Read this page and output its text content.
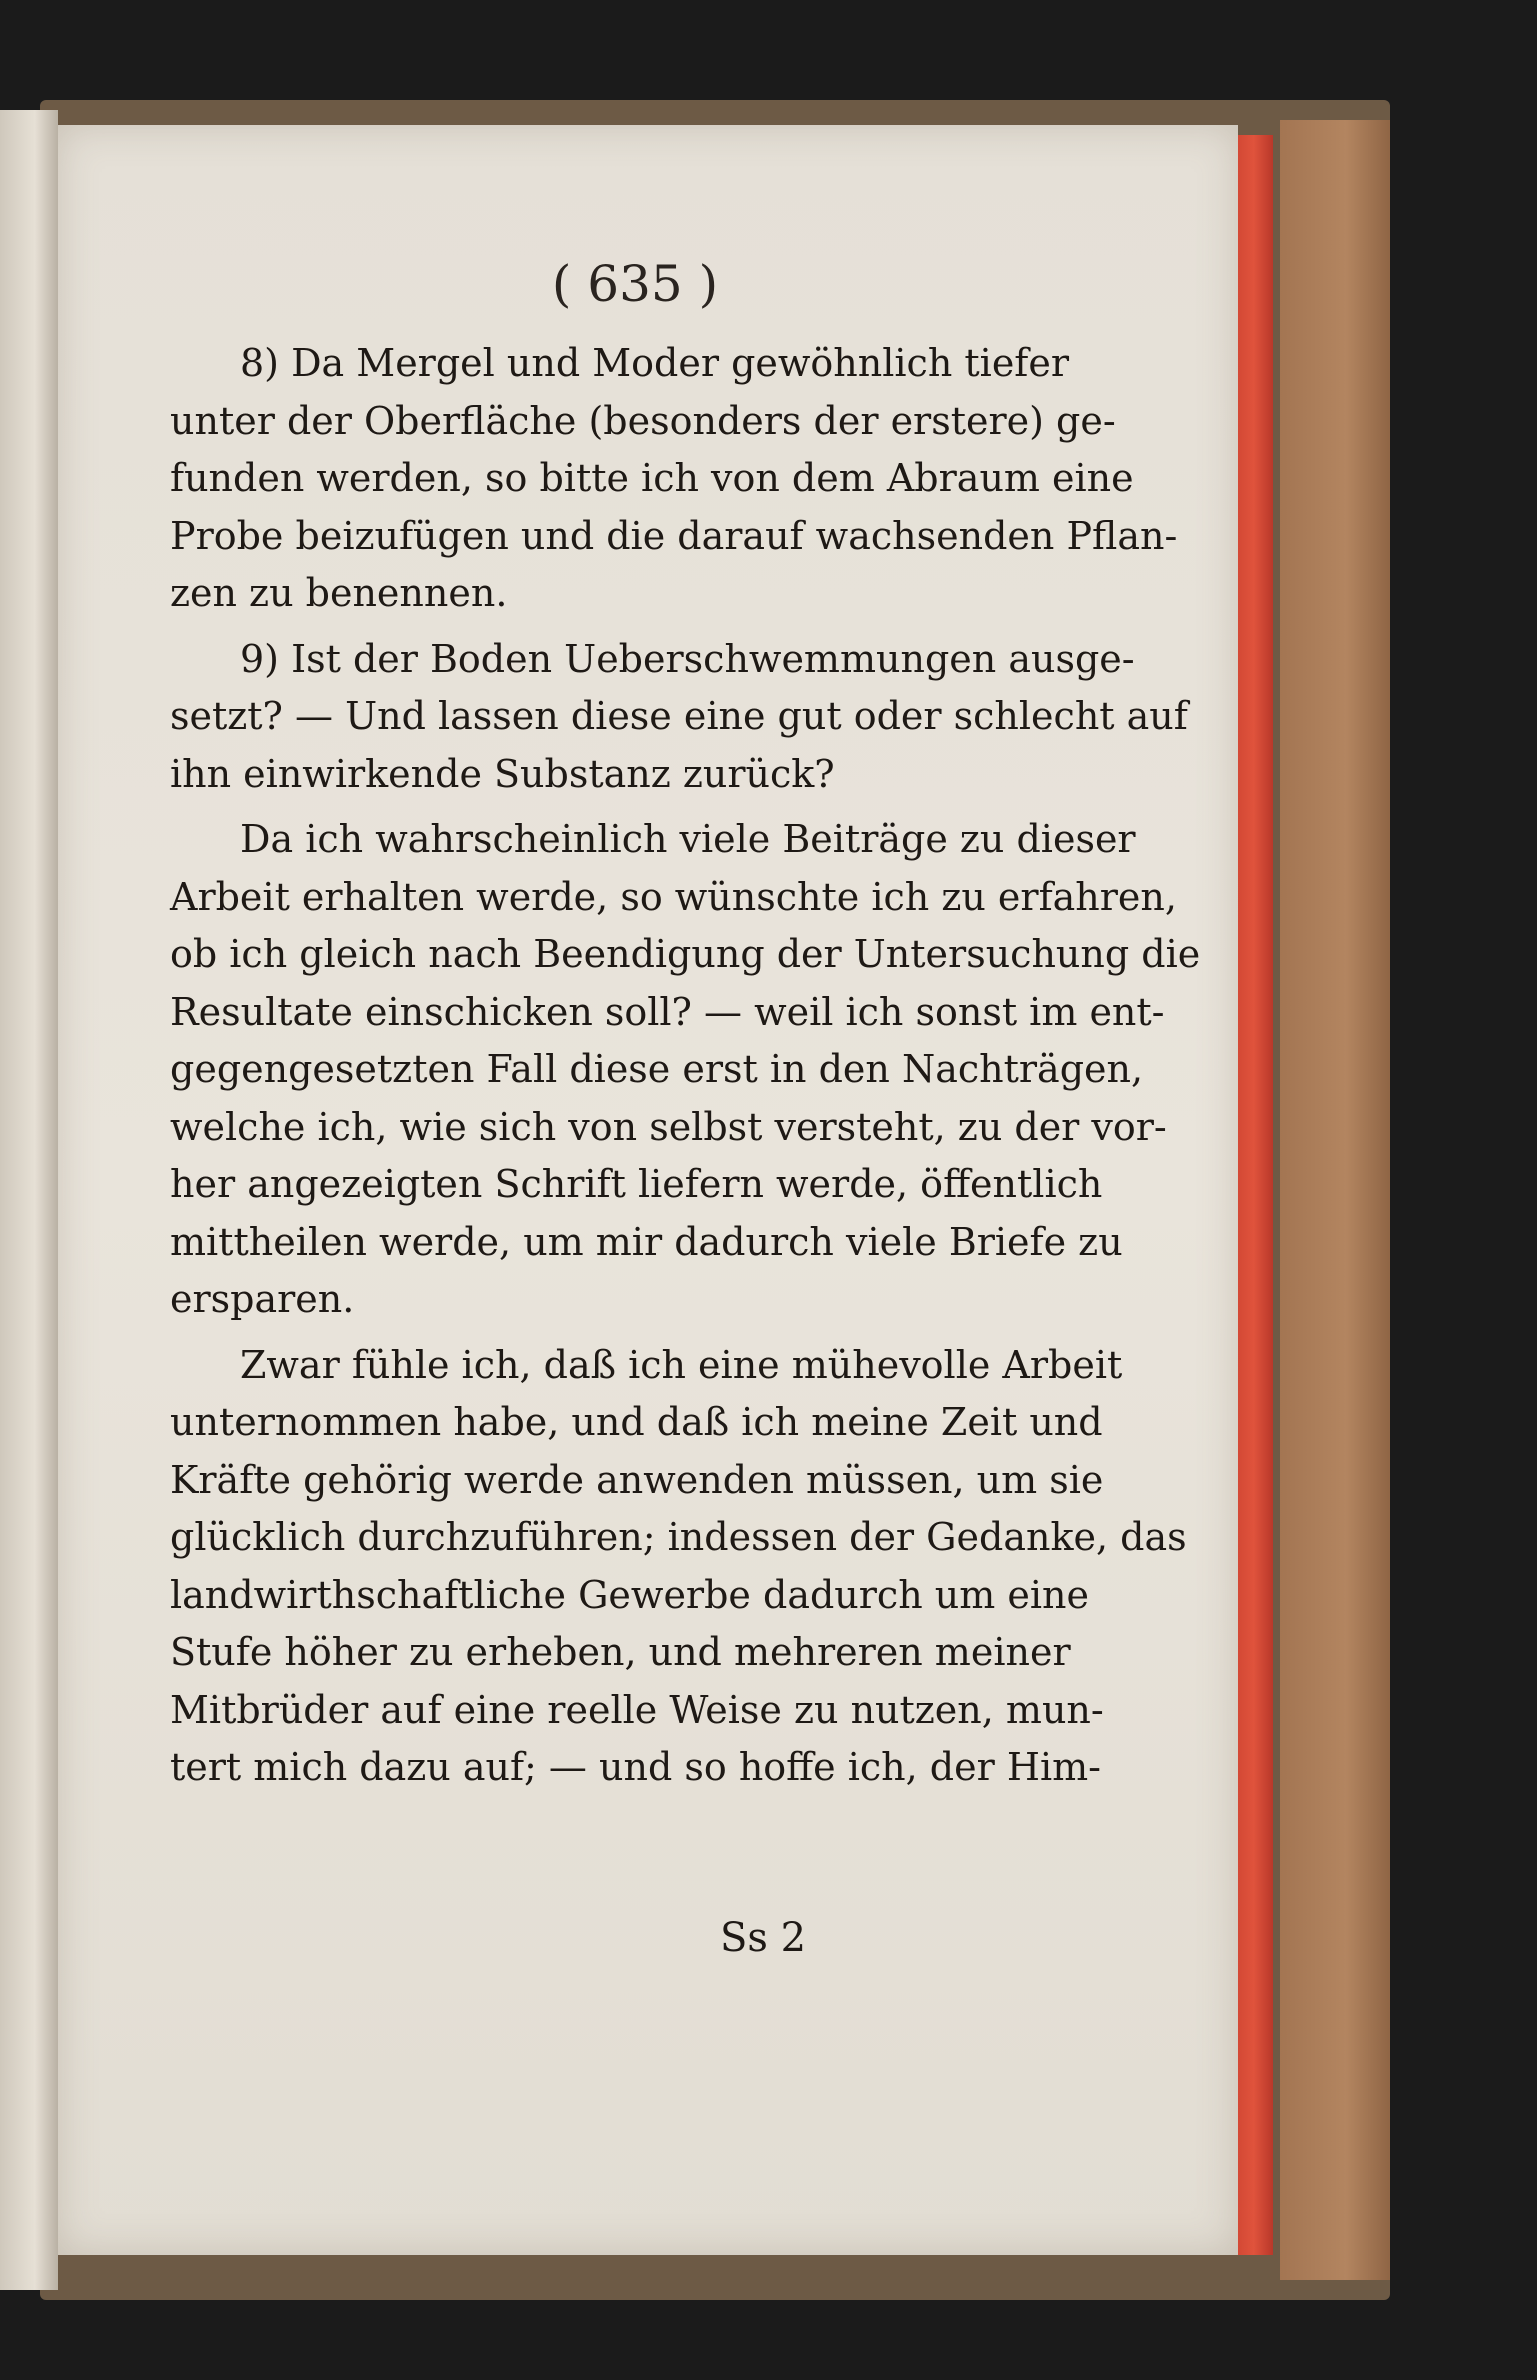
( 635 )
8) Da Mergel und Moder gewöhnlich tiefer
unter der Oberfläche (besonders der erstere) ge-
funden werden, so bitte ich von dem Abraum eine
Probe beizufügen und die darauf wachsenden Pflan-
zen zu benennen.
9) Ist der Boden Ueberschwemmungen ausge-
setzt? — Und lassen diese eine gut oder schlecht auf
ihn einwirkende Substanz zurück?
Da ich wahrscheinlich viele Beiträge zu dieser
Arbeit erhalten werde, so wünschte ich zu erfahren,
ob ich gleich nach Beendigung der Untersuchung die
Resultate einschicken soll? — weil ich sonst im ent-
gegengesetzten Fall diese erst in den Nachträgen,
welche ich, wie sich von selbst versteht, zu der vor-
her angezeigten Schrift liefern werde, öffentlich
mittheilen werde, um mir dadurch viele Briefe zu
ersparen.
Zwar fühle ich, daß ich eine mühevolle Arbeit
unternommen habe, und daß ich meine Zeit und
Kräfte gehörig werde anwenden müssen, um sie
glücklich durchzuführen; indessen der Gedanke, das
landwirthschaftliche Gewerbe dadurch um eine
Stufe höher zu erheben, und mehreren meiner
Mitbrüder auf eine reelle Weise zu nutzen, mun-
tert mich dazu auf; — und so hoffe ich, der Him-
Ss 2
